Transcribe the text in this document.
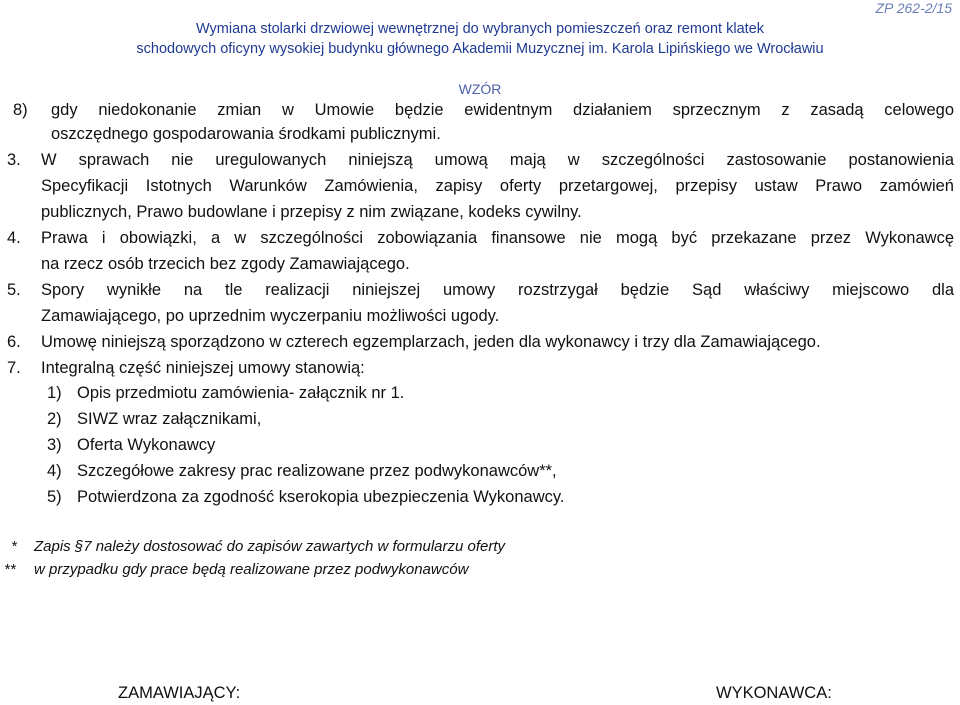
ZP 262-2/15
Wymiana stolarki drzwiowej wewnętrznej do wybranych pomieszczeń oraz remont klatek
schodowych oficyny wysokiej budynku głównego Akademii Muzycznej im. Karola Lipińskiego we Wrocławiu
WZÓR
8) gdy niedokonanie zmian w Umowie będzie ewidentnym działaniem sprzecznym z zasadą celowego
oszczędnego gospodarowania środkami publicznymi.
3. W sprawach nie uregulowanych niniejszą umową mają w szczególności zastosowanie postanowienia
Specyfikacji Istotnych Warunków Zamówienia, zapisy oferty przetargowej, przepisy ustaw Prawo zamówień
publicznych, Prawo budowlane i przepisy z nim związane, kodeks cywilny.
4. Prawa i obowiązki, a w szczególności zobowiązania finansowe nie mogą być przekazane przez Wykonawcę
na rzecz osób trzecich bez zgody Zamawiającego.
5. Spory wynikłe na tle realizacji niniejszej umowy rozstrzygał będzie Sąd właściwy miejscowo dla
Zamawiającego, po uprzednim wyczerpaniu możliwości ugody.
6. Umowę niniejszą sporządzono w czterech egzemplarzach, jeden dla wykonawcy i trzy dla Zamawiającego.
7. Integralną część niniejszej umowy stanowią:
1) Opis przedmiotu zamówienia- załącznik nr 1.
2) SIWZ wraz załącznikami,
3) Oferta Wykonawcy
4) Szczegółowe zakresy prac realizowane przez podwykonawców**,
5) Potwierdzona za zgodność kserokopia ubezpieczenia Wykonawcy.
* Zapis §7 należy dostosować do zapisów zawartych w formularzu oferty
** w przypadku gdy prace będą realizowane przez podwykonawców
ZAMAWIAJĄCY:	WYKONAWCA:
